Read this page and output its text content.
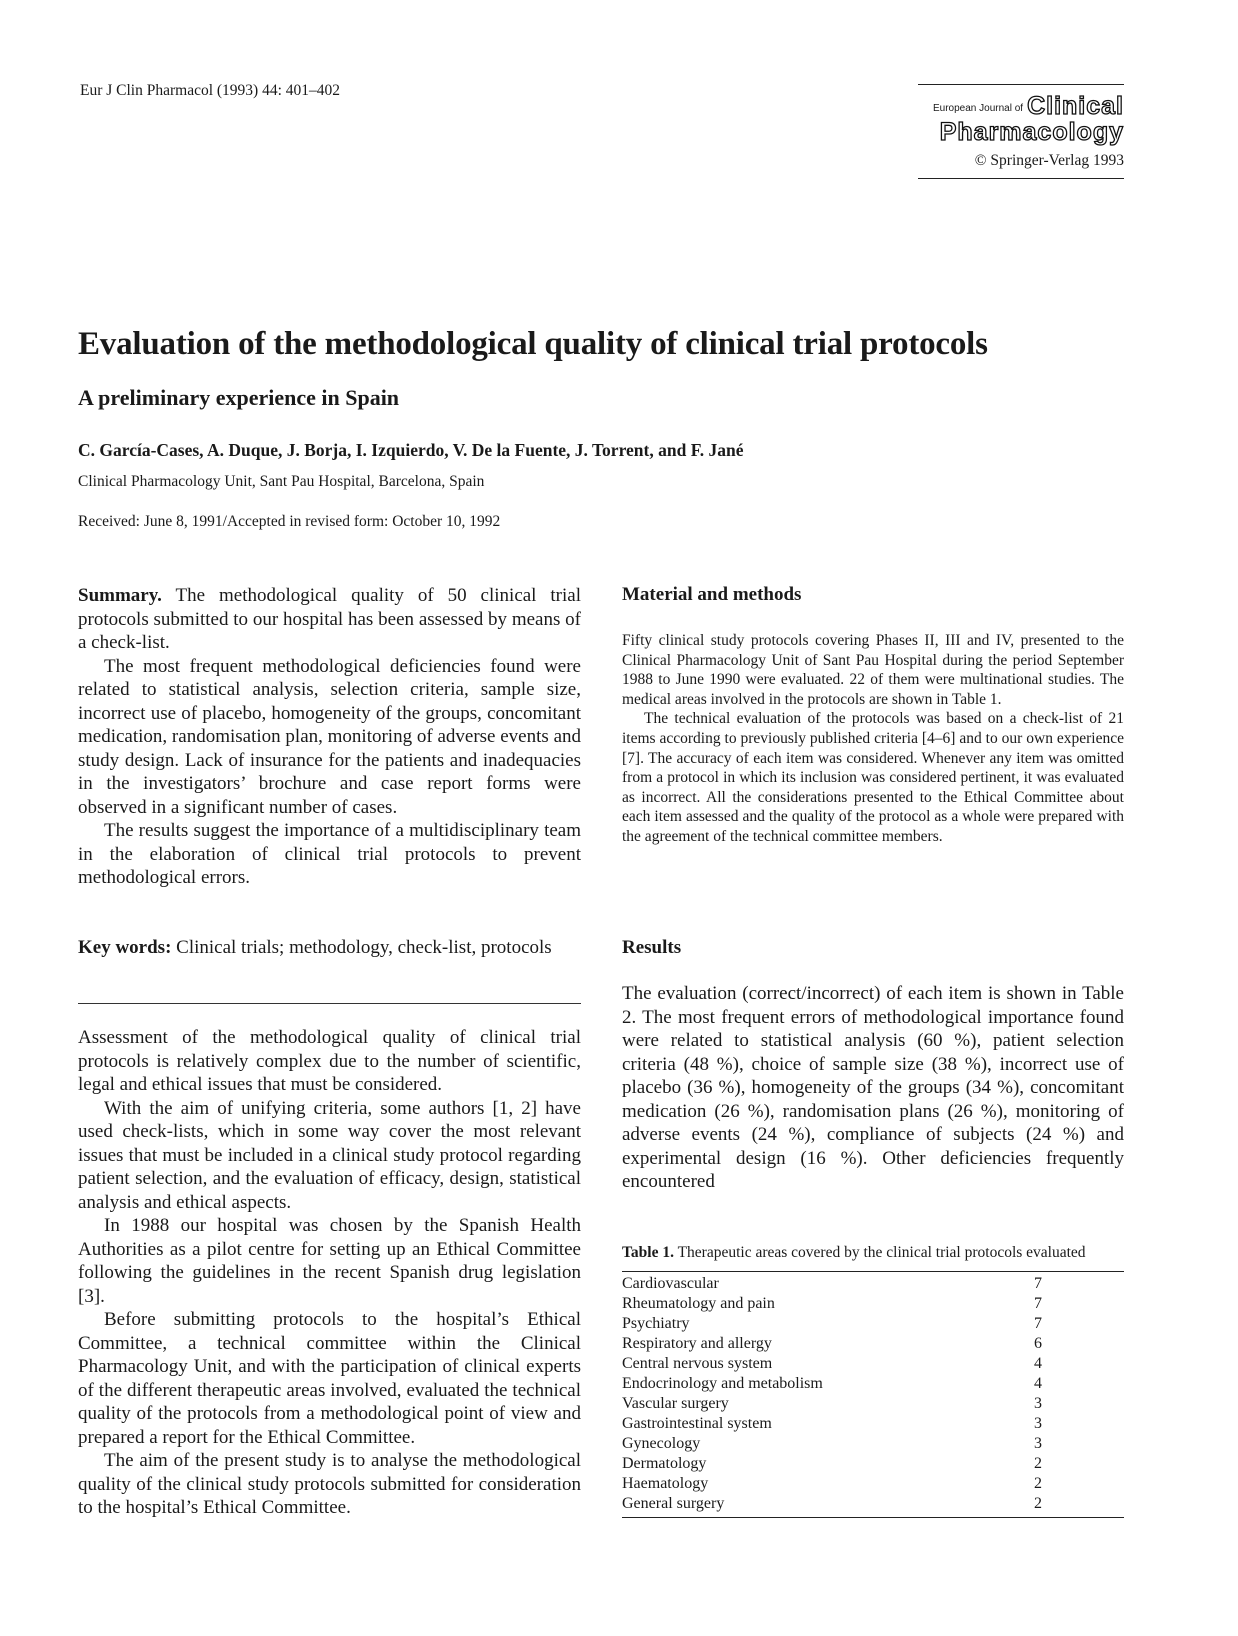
Eur J Clin Pharmacol (1993) 44: 401–402
European Journal of Clinical
Pharmacology
© Springer-Verlag 1993
Evaluation of the methodological quality of clinical trial protocols
A preliminary experience in Spain
C. García-Cases, A. Duque, J. Borja, I. Izquierdo, V. De la Fuente, J. Torrent, and F. Jané
Clinical Pharmacology Unit, Sant Pau Hospital, Barcelona, Spain
Received: June 8, 1991/Accepted in revised form: October 10, 1992

Summary. The methodological quality of 50 clinical trial protocols submitted to our hospital has been assessed by means of a check-list.

The most frequent methodological deficiencies found were related to statistical analysis, selection criteria, sample size, incorrect use of placebo, homogeneity of the groups, concomitant medication, randomisation plan, monitoring of adverse events and study design. Lack of insurance for the patients and inadequacies in the investigators’ brochure and case report forms were observed in a significant number of cases.

The results suggest the importance of a multidisciplinary team in the elaboration of clinical trial protocols to prevent methodological errors.

Key words: Clinical trials; methodology, check-list, protocols

Assessment of the methodological quality of clinical trial protocols is relatively complex due to the number of scientific, legal and ethical issues that must be considered.

With the aim of unifying criteria, some authors [1, 2] have used check-lists, which in some way cover the most relevant issues that must be included in a clinical study protocol regarding patient selection, and the evaluation of efficacy, design, statistical analysis and ethical aspects.

In 1988 our hospital was chosen by the Spanish Health Authorities as a pilot centre for setting up an Ethical Committee following the guidelines in the recent Spanish drug legislation [3].

Before submitting protocols to the hospital’s Ethical Committee, a technical committee within the Clinical Pharmacology Unit, and with the participation of clinical experts of the different therapeutic areas involved, evaluated the technical quality of the protocols from a methodological point of view and prepared a report for the Ethical Committee.

The aim of the present study is to analyse the methodological quality of the clinical study protocols submitted for consideration to the hospital’s Ethical Committee.

Material and methods

Fifty clinical study protocols covering Phases II, III and IV, presented to the Clinical Pharmacology Unit of Sant Pau Hospital during the period September 1988 to June 1990 were evaluated. 22 of them were multinational studies. The medical areas involved in the protocols are shown in Table 1.

The technical evaluation of the protocols was based on a check-list of 21 items according to previously published criteria [4–6] and to our own experience [7]. The accuracy of each item was considered. Whenever any item was omitted from a protocol in which its inclusion was considered pertinent, it was evaluated as incorrect. All the considerations presented to the Ethical Committee about each item assessed and the quality of the protocol as a whole were prepared with the agreement of the technical committee members.

Results

The evaluation (correct/incorrect) of each item is shown in Table 2. The most frequent errors of methodological importance found were related to statistical analysis (60 %), patient selection criteria (48 %), choice of sample size (38 %), incorrect use of placebo (36 %), homogeneity of the groups (34 %), concomitant medication (26 %), randomisation plans (26 %), monitoring of adverse events (24 %), compliance of subjects (24 %) and experimental design (16 %). Other deficiencies frequently encountered

Table 1. Therapeutic areas covered by the clinical trial protocols evaluated
Cardiovascular	7
Rheumatology and pain	7
Psychiatry	7
Respiratory and allergy	6
Central nervous system	4
Endocrinology and metabolism	4
Vascular surgery	3
Gastrointestinal system	3
Gynecology	3
Dermatology	2
Haematology	2
General surgery	2
